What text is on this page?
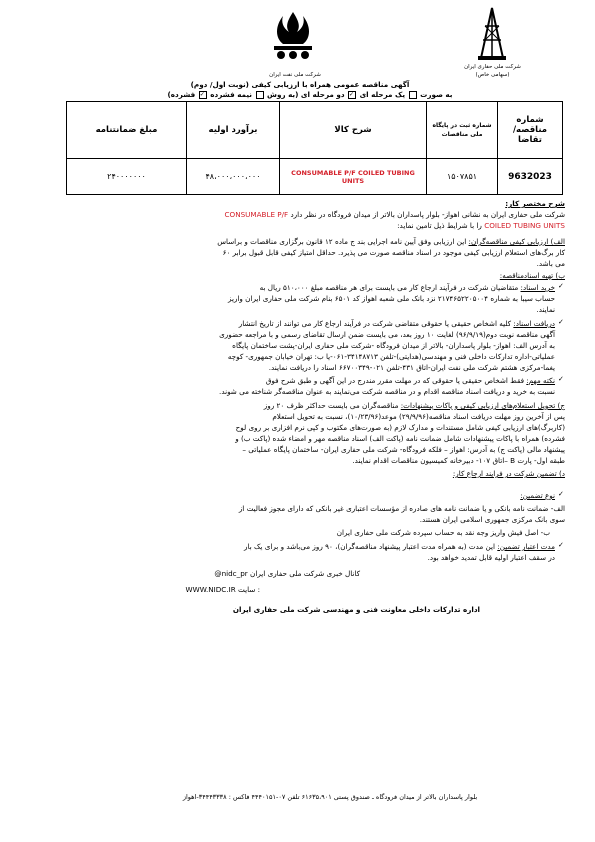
شرکت ملی حفاری ایران
(سهامی خاص)
شرکت ملی نفت ایران
آگهی مناقصه عمومی همراه با ارزیابی کیفی (نوبت اول/ دوم)
به صورت  یک مرحله ای ✓ دو مرحله ای (به روش  نیمه فشرده ✓ فشرده)
شماره مناقصه/ تقاضا	شماره ثبت در پایگاه ملی مناقصات	شرح کالا	برآورد اولیه	مبلغ ضمانتنامه
9632023	۱۵۰۷۸۵۱	CONSUMABLE P/F COILED TUBING UNITS	۴۸،۰۰۰،۰۰۰،۰۰۰	۲۴۰۰۰۰۰۰۰
شرح مختصر کار:
شرکت ملی حفاری ایران به نشانی اهواز- بلوار پاسداران بالاتر از میدان فرودگاه در نظر دارد CONSUMABLE P/F
COILED TUBING UNITS را با شرایط ذیل تامین نماید:
الف) ارزیابی کیفی مناقصه‌گران: این ارزیابی وفق آیین نامه اجرایی بند ج ماده ۱۲ قانون برگزاری مناقصات و براساس
کار برگ‌های استعلام ارزیابی کیفی موجود در اسناد مناقصه صورت می پذیرد. حداقل امتیاز کیفی قابل قبول برابر ۶۰
می باشد.
ب) تهیه اسنادمناقصه:
✓
خرید اسناد: متقاضیان شرکت در فرآیند ارجاع کار می بایست برای هر مناقصه مبلغ ۵۱۰،۰۰۰ ریال به
حساب سیبا به شماره ۲۱۷۴۶۵۲۲۰۵۰۰۴ نزد بانک ملی شعبه اهواز کد ۶۵۰۱ بنام شرکت ملی حفاری ایران واریز
نمایند.
✓
دریافت اسناد: کلیه اشخاص حقیقی یا حقوقی متقاضی شرکت در فرآیند ارجاع کار می توانند از تاریخ انتشار
آگهی مناقصه نوبت دوم(۹۶/۹/۱۹) لغایت ۱۰ روز بعد، می بایست ضمن ارسال تقاضای رسمی و با مراجعه حضوری
به آدرس الف: اهواز- بلوار پاسداران- بالاتر از میدان فرودگاه -شرکت ملی حفاری ایران-پشت ساختمان پایگاه
عملیاتی-اداره تدارکات داخلی فنی و مهندسی(هدایتی)-تلفن ۳۴۱۴۸۷۱۳-۰۶۱-یا ب: تهران خیابان جمهوری- کوچه
یغما-مرکزی هشتم شرکت ملی نفت ایران-اتاق ۴۳۱-تلفن ۰۲۱-۶۶۷۰۰۳۴۹ اسناد را دریافت نمایند.
✓
نکته مهم: فقط اشخاص حقیقی یا حقوقی که در مهلت مقرر مندرج در این آگهی و طبق شرح فوق
نسبت به خرید و دریافت اسناد مناقصه اقدام و در مناقصه شرکت می‌نمایند به عنوان مناقصه‌گر شناخته می شوند.
ج) تحویل استعلام‌های ارزیابی کیفی و پاکات پیشنهادات: مناقصه‌گران می بایست حداکثر ظرف ۲۰ روز
پس از آخرین روز مهلت دریافت اسناد مناقصه(۲۹/۹/۹۶) موعد(۱۰/۲۳/۹۶)، نسبت به تحویل استعلام
(کاربرگ)های ارزیابی کیفی شامل مستندات و مدارک لازم (به صورت‌های مکتوب و کپی نرم افزاری بر روی لوح
فشرده) همراه با پاکات پیشنهادات شامل ضمانت نامه (پاکت الف) اسناد مناقصه مهر و امضاء شده (پاکت ب) و
پیشنهاد مالی (پاکت ج) به آدرس: اهواز – فلکه فرودگاه- شرکت ملی حفاری ایران- ساختمان پایگاه عملیاتی –
طبقه اول- پارت B –اتاق ۱۰۷- دبیرخانه کمیسیون مناقصات اقدام نمایند.
د) تضمین شرکت در فرایند ارجاع کار:
✓
نوع تضمین:
الف- ضمانت نامه بانکی و یا ضمانت نامه های صادره از مؤسسات اعتباری غیر بانکی که دارای مجوز فعالیت از
سوی بانک مرکزی جمهوری اسلامی ایران هستند.
ب- اصل فیش واریز وجه نقد به حساب سپرده شرکت ملی حفاری ایران
✓
مدت اعتبار تضمین: این مدت (به همراه مدت اعتبار پیشنهاد مناقصه‌گران)، ۹۰ روز می‌باشد و برای یک بار
در سقف اعتبار اولیه قابل تمدید خواهد بود.
کانال خبری شرکت ملی حفاری ایران @nidc_pr
: سایت WWW.NIDC.IR
اداره تدارکات داخلی معاونت فنی و مهندسی شرکت ملی حفاری ایران
بلوار پاسداران بالاتر از میدان فرودگاه ـ صندوق پستی ۶۱۶۳۵،۹۰۱ تلفن ۰۷-۴۴۴۰۱۵۱ فاکس : ۳۴۴۴۳۳۳۸-اهواز
